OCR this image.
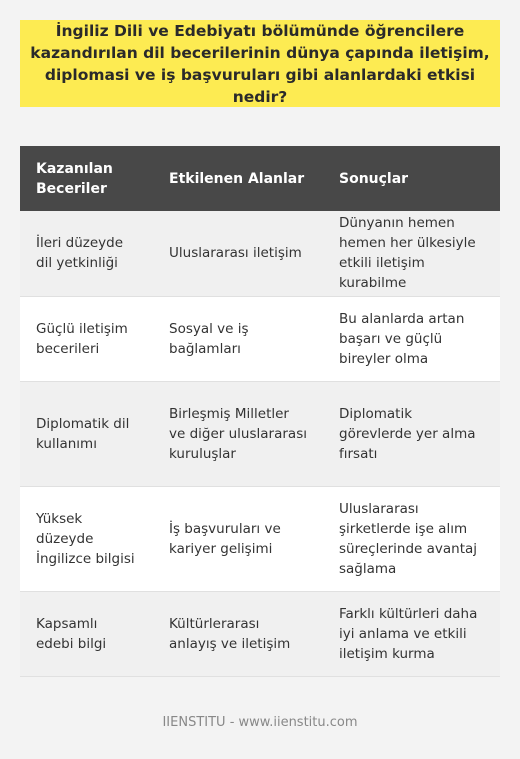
İngiliz Dili ve Edebiyatı bölümünde öğrencilere kazandırılan dil becerilerinin dünya çapında iletişim, diplomasi ve iş başvuruları gibi alanlardaki etkisi nedir?
Kazanılan Beceriler	Etkilenen Alanlar	Sonuçlar
İleri düzeyde dil yetkinliği	Uluslararası iletişim	Dünyanın hemen hemen her ülkesiyle etkili iletişim kurabilme
Güçlü iletişim becerileri	Sosyal ve iş bağlamları	Bu alanlarda artan başarı ve güçlü bireyler olma
Diplomatik dil kullanımı	Birleşmiş Milletler ve diğer uluslararası kuruluşlar	Diplomatik görevlerde yer alma fırsatı
Yüksek düzeyde İngilizce bilgisi	İş başvuruları ve kariyer gelişimi	Uluslararası şirketlerde işe alım süreçlerinde avantaj sağlama
Kapsamlı edebi bilgi	Kültürlerarası anlayış ve iletişim	Farklı kültürleri daha iyi anlama ve etkili iletişim kurma
IIENSTITU - www.iienstitu.com
